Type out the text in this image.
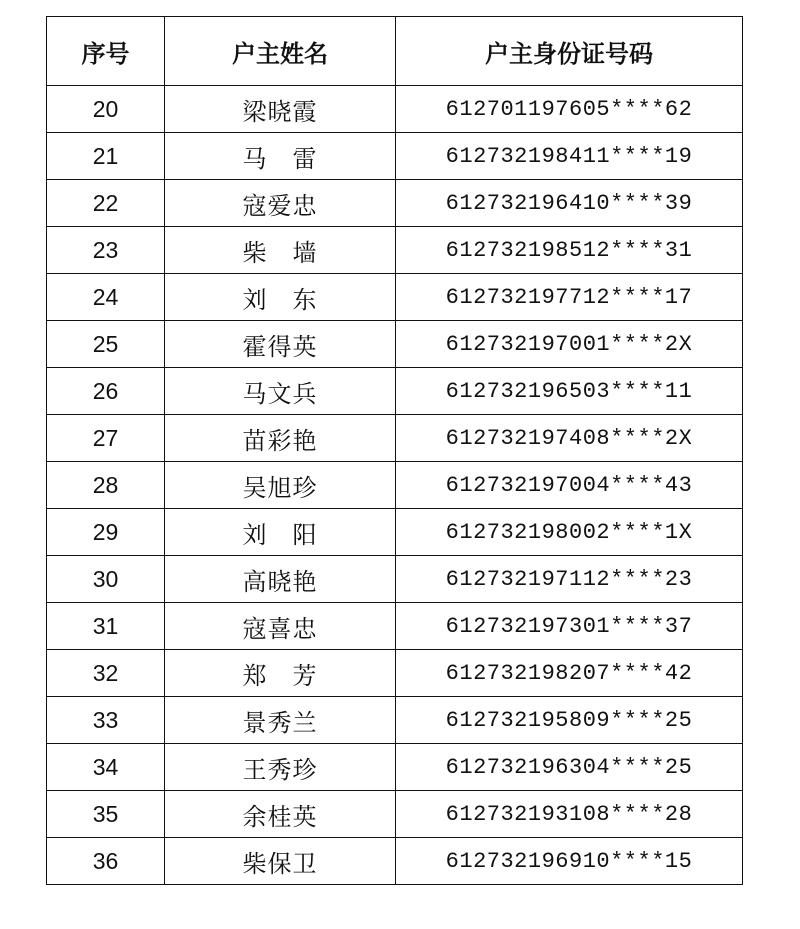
序号	户主姓名	户主身份证号码
20	梁晓霞	612701197605****62
21	马　雷	612732198411****19
22	寇爱忠	612732196410****39
23	柴　墙	612732198512****31
24	刘　东	612732197712****17
25	霍得英	612732197001****2X
26	马文兵	612732196503****11
27	苗彩艳	612732197408****2X
28	吴旭珍	612732197004****43
29	刘　阳	612732198002****1X
30	高晓艳	612732197112****23
31	寇喜忠	612732197301****37
32	郑　芳	612732198207****42
33	景秀兰	612732195809****25
34	王秀珍	612732196304****25
35	余桂英	612732193108****28
36	柴保卫	612732196910****15
